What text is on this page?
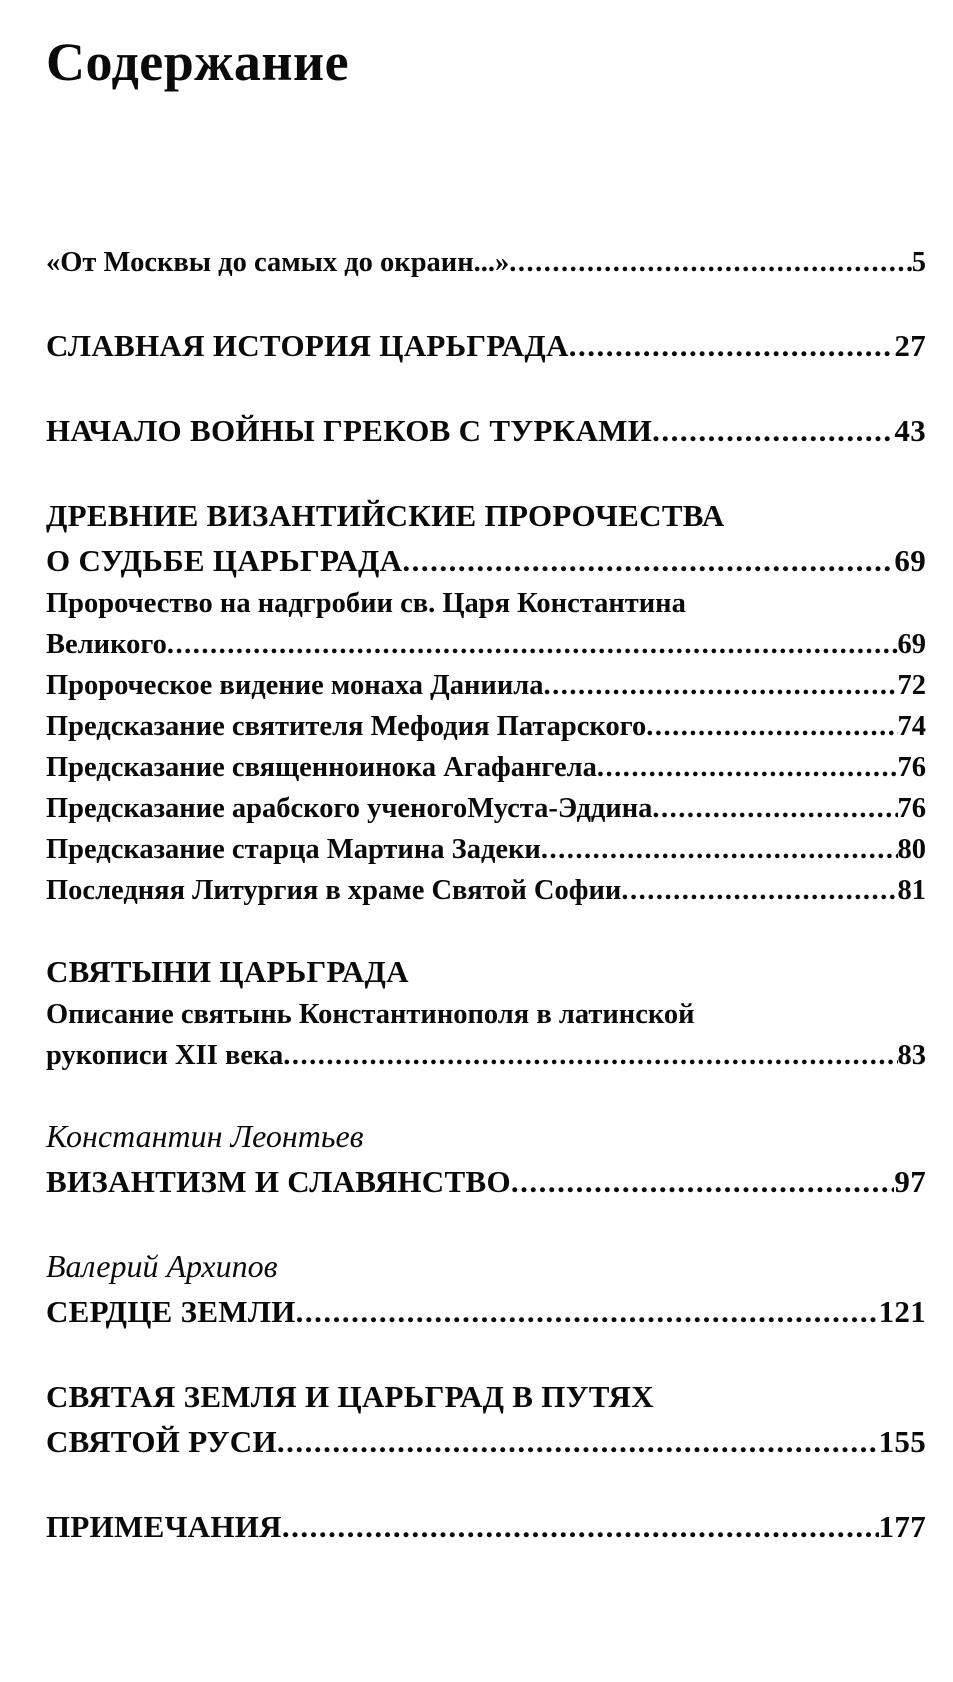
Содержание
«От Москвы до самых до окраин...» .....	5
СЛАВНАЯ ИСТОРИЯ ЦАРЬГРАДА .....	27
НАЧАЛО ВОЙНЫ ГРЕКОВ С ТУРКАМИ .....	43
ДРЕВНИЕ ВИЗАНТИЙСКИЕ ПРОРОЧЕСТВА
О СУДЬБЕ ЦАРЬГРАДА .....	69
Пророчество на надгробии св. Царя Константина
Великого .....	69
Пророческое видение монаха Даниила .....	72
Предсказание святителя Мефодия Патарского .....	74
Предсказание священноинока Агафангела .....	76
Предсказание арабского ученогоМуста-Эддина .....	76
Предсказание старца Мартина Задеки .....	80
Последняя Литургия в храме Святой Софии .....	81
СВЯТЫНИ ЦАРЬГРАДА
Описание святынь Константинополя в латинской
рукописи XII века .....	83
Константин Леонтьев
ВИЗАНТИЗМ И СЛАВЯНСТВО .....	97
Валерий Архипов
СЕРДЦЕ ЗЕМЛИ .....	121
СВЯТАЯ ЗЕМЛЯ И ЦАРЬГРАД В ПУТЯХ
СВЯТОЙ РУСИ .....	155
ПРИМЕЧАНИЯ .....	177
